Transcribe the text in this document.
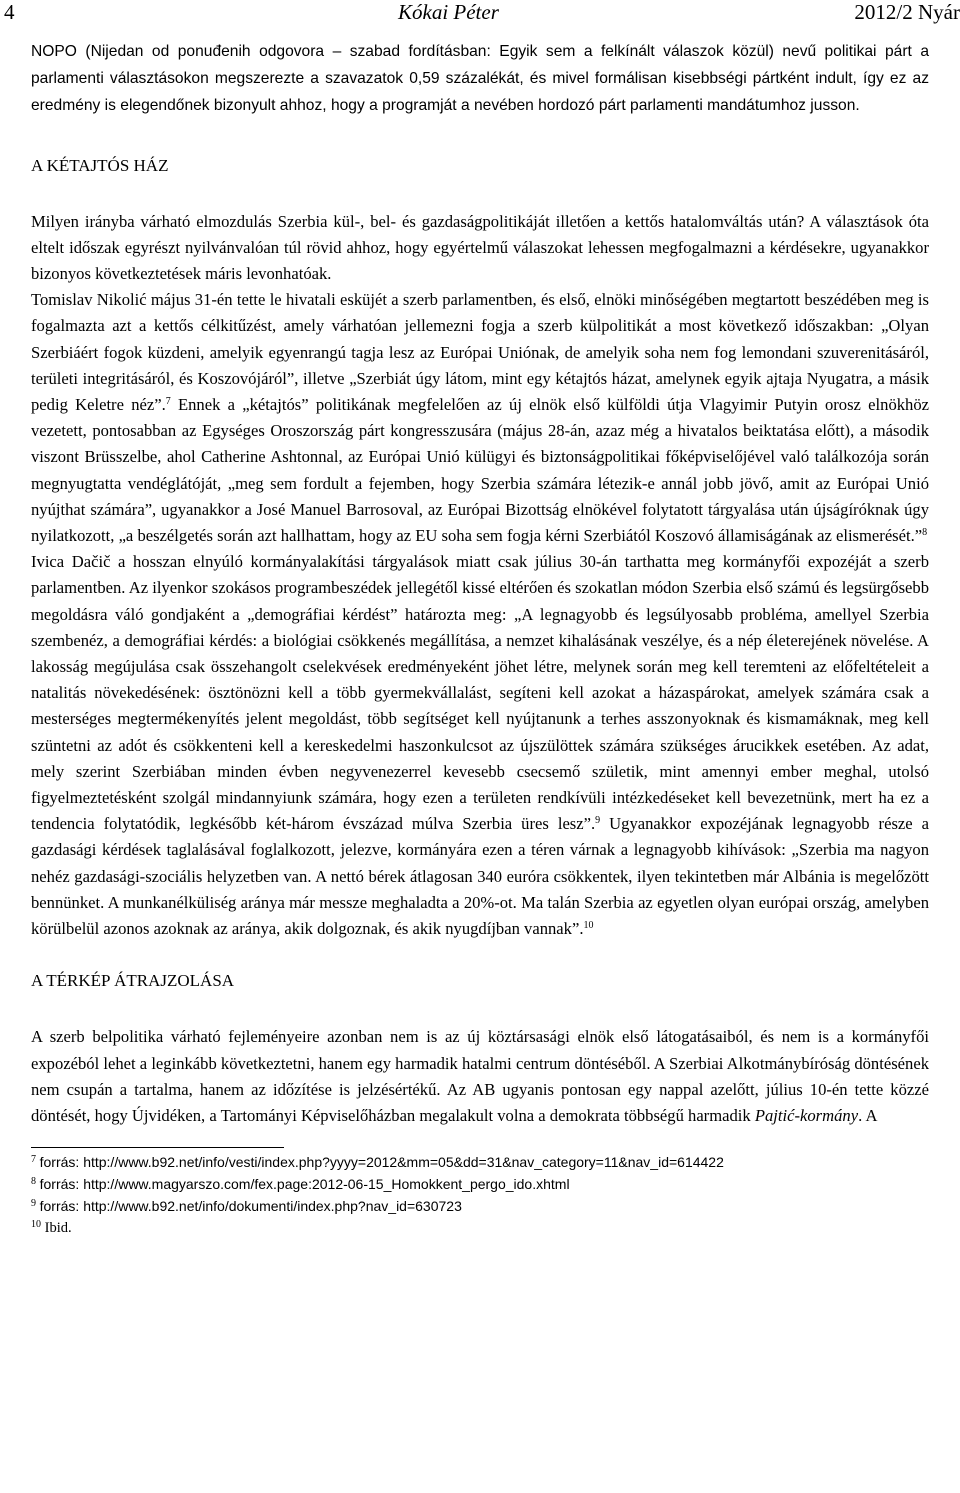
4	Kókai Péter	2012/2 Nyár

NOPO (Nijedan od ponuđenih odgovora – szabad fordításban: Egyik sem a felkínált válaszok közül) nevű politikai párt a parlamenti választásokon megszerezte a szavazatok 0,59 százalékát, és mivel formálisan kisebbségi pártként indult, így ez az eredmény is elegendőnek bizonyult ahhoz, hogy a programját a nevében hordozó párt parlamenti mandátumhoz jusson.

A KÉTAJTÓS HÁZ

Milyen irányba várható elmozdulás Szerbia kül-, bel- és gazdaságpolitikáját illetően a kettős hatalomváltás után? A választások óta eltelt időszak egyrészt nyilvánvalóan túl rövid ahhoz, hogy egyértelmű válaszokat lehessen megfogalmazni a kérdésekre, ugyanakkor bizonyos következtetések máris levonhatóak.

Tomislav Nikolić május 31-én tette le hivatali esküjét a szerb parlamentben, és első, elnöki minőségében megtartott beszédében meg is fogalmazta azt a kettős célkitűzést, amely várhatóan jellemezni fogja a szerb külpolitikát a most következő időszakban: „Olyan Szerbiáért fogok küzdeni, amelyik egyenrangú tagja lesz az Európai Uniónak, de amelyik soha nem fog lemondani szuverenitásáról, területi integritásáról, és Koszovójáról”, illetve „Szerbiát úgy látom, mint egy kétajtós házat, amelynek egyik ajtaja Nyugatra, a másik pedig Keletre néz”.$^7$ Ennek a „kétajtós” politikának megfelelően az új elnök első külföldi útja Vlagyimir Putyin orosz elnökhöz vezetett, pontosabban az Egységes Oroszország párt kongresszusára (május 28-án, azaz még a hivatalos beiktatása előtt), a második viszont Brüsszelbe, ahol Catherine Ashtonnal, az Európai Unió külügyi és biztonságpolitikai főképviselőjével való találkozója során megnyugtatta vendéglátóját, „meg sem fordult a fejemben, hogy Szerbia számára létezik-e annál jobb jövő, amit az Európai Unió nyújthat számára”, ugyanakkor a José Manuel Barrosoval, az Európai Bizottság elnökével folytatott tárgyalása után újságíróknak úgy nyilatkozott, „a beszélgetés során azt hallhattam, hogy az EU soha sem fogja kérni Szerbiától Koszovó államiságának az elismerését.”$^8$

Ivica Dačič a hosszan elnyúló kormányalakítási tárgyalások miatt csak július 30-án tarthatta meg kormányfői expozéját a szerb parlamentben. Az ilyenkor szokásos programbeszédek jellegétől kissé eltérően és szokatlan módon Szerbia első számú és legsürgősebb megoldásra váló gondjaként a „demográfiai kérdést” határozta meg: „A legnagyobb és legsúlyosabb probléma, amellyel Szerbia szembenéz, a demográfiai kérdés: a biológiai csökkenés megállítása, a nemzet kihalásának veszélye, és a nép életerejének növelése. A lakosság megújulása csak összehangolt cselekvések eredményeként jöhet létre, melynek során meg kell teremteni az előfeltételeit a natalitás növekedésének: ösztönözni kell a több gyermekvállalást, segíteni kell azokat a házaspárokat, amelyek számára csak a mesterséges megtermékenyítés jelent megoldást, több segítséget kell nyújtanunk a terhes asszonyoknak és kismamáknak, meg kell szüntetni az adót és csökkenteni kell a kereskedelmi haszonkulcsot az újszülöttek számára szükséges árucikkek esetében. Az adat, mely szerint Szerbiában minden évben negyvenezerrel kevesebb csecsemő születik, mint amennyi ember meghal, utolsó figyelmeztetésként szolgál mindannyiunk számára, hogy ezen a területen rendkívüli intézkedéseket kell bevezetnünk, mert ha ez a tendencia folytatódik, legkésőbb két-három évszázad múlva Szerbia üres lesz”.$^9$ Ugyanakkor expozéjának legnagyobb része a gazdasági kérdések taglalásával foglalkozott, jelezve, kormányára ezen a téren várnak a legnagyobb kihívások: „Szerbia ma nagyon nehéz gazdasági-szociális helyzetben van. A nettó bérek átlagosan 340 euróra csökkentek, ilyen tekintetben már Albánia is megelőzött bennünket. A munkanélküliség aránya már messze meghaladta a 20%-ot. Ma talán Szerbia az egyetlen olyan európai ország, amelyben körülbelül azonos azoknak az aránya, akik dolgoznak, és akik nyugdíjban vannak”.$^{10}$

A TÉRKÉP ÁTRAJZOLÁSA

A szerb belpolitika várható fejleményeire azonban nem is az új köztársasági elnök első látogatásaiból, és nem is a kormányfői expozéból lehet a leginkább következtetni, hanem egy harmadik hatalmi centrum döntéséből. A Szerbiai Alkotmánybíróság döntésének nem csupán a tartalma, hanem az időzítése is jelzésértékű. Az AB ugyanis pontosan egy nappal azelőtt, július 10-én tette közzé döntését, hogy Újvidéken, a Tartományi Képviselőházban megalakult volna a demokrata többségű harmadik Pajtić-kormány. A

$^7$ forrás: http://www.b92.net/info/vesti/index.php?yyyy=2012&mm=05&dd=31&nav_category=11&nav_id=614422

$^8$ forrás: http://www.magyarszo.com/fex.page:2012-06-15_Homokkent_pergo_ido.xhtml

$^9$ forrás: http://www.b92.net/info/dokumenti/index.php?nav_id=630723

$^{10}$ Ibid.
